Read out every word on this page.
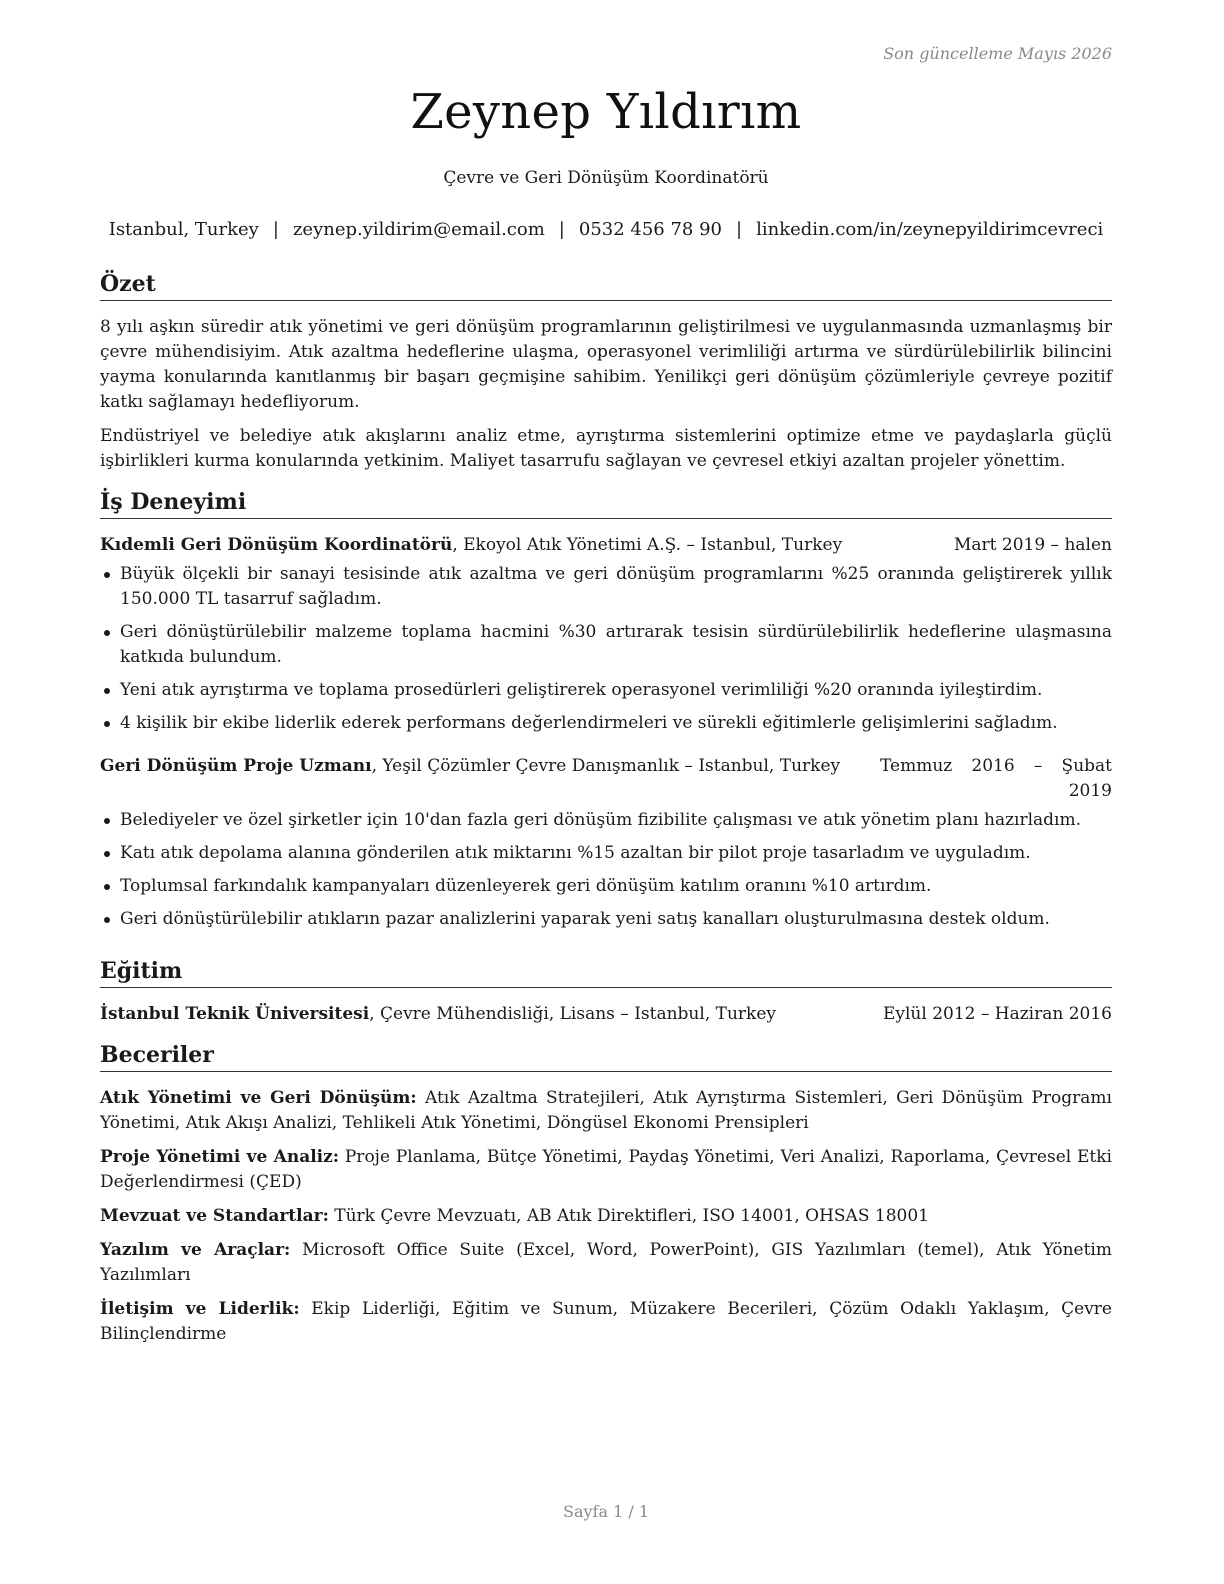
Son güncelleme Mayıs 2026
Zeynep Yıldırım
Çevre ve Geri Dönüşüm Koordinatörü
Istanbul, Turkey | zeynep.yildirim@email.com | 0532 456 78 90 | linkedin.com/in/zeynepyildirimcevreci
Özet

8 yılı aşkın süredir atık yönetimi ve geri dönüşüm programlarının geliştirilmesi ve uygulanmasında uzmanlaşmış bir çevre mühendisiyim. Atık azaltma hedeflerine ulaşma, operasyonel verimliliği artırma ve sürdürülebilirlik bilincini yayma konularında kanıtlanmış bir başarı geçmişine sahibim. Yenilikçi geri dönüşüm çözümleriyle çevreye pozitif katkı sağlamayı hedefliyorum.

Endüstriyel ve belediye atık akışlarını analiz etme, ayrıştırma sistemlerini optimize etme ve paydaşlarla güçlü işbirlikleri kurma konularında yetkinim. Maliyet tasarrufu sağlayan ve çevresel etkiyi azaltan projeler yönettim.

İş Deneyimi
Kıdemli Geri Dönüşüm Koordinatörü, Ekoyol Atık Yönetimi A.Ş. – Istanbul, Turkey	Mart 2019 – halen
Büyük ölçekli bir sanayi tesisinde atık azaltma ve geri dönüşüm programlarını %25 oranında geliştirerek yıllık 150.000 TL tasarruf sağladım.
Geri dönüştürülebilir malzeme toplama hacmini %30 artırarak tesisin sürdürülebilirlik hedeflerine ulaşmasına katkıda bulundum.
Yeni atık ayrıştırma ve toplama prosedürleri geliştirerek operasyonel verimliliği %20 oranında iyileştirdim.
4 kişilik bir ekibe liderlik ederek performans değerlendirmeleri ve sürekli eğitimlerle gelişimlerini sağladım.
Geri Dönüşüm Proje Uzmanı, Yeşil Çözümler Çevre Danışmanlık – Istanbul, Turkey Temmuz 2016 – Şubat 2019
Belediyeler ve özel şirketler için 10'dan fazla geri dönüşüm fizibilite çalışması ve atık yönetim planı hazırladım.
Katı atık depolama alanına gönderilen atık miktarını %15 azaltan bir pilot proje tasarladım ve uyguladım.
Toplumsal farkındalık kampanyaları düzenleyerek geri dönüşüm katılım oranını %10 artırdım.
Geri dönüştürülebilir atıkların pazar analizlerini yaparak yeni satış kanalları oluşturulmasına destek oldum.
Eğitim
İstanbul Teknik Üniversitesi, Çevre Mühendisliği, Lisans – Istanbul, Turkey	Eylül 2012 – Haziran 2016
Beceriler

Atık Yönetimi ve Geri Dönüşüm: Atık Azaltma Stratejileri, Atık Ayrıştırma Sistemleri, Geri Dönüşüm Programı Yönetimi, Atık Akışı Analizi, Tehlikeli Atık Yönetimi, Döngüsel Ekonomi Prensipleri

Proje Yönetimi ve Analiz: Proje Planlama, Bütçe Yönetimi, Paydaş Yönetimi, Veri Analizi, Raporlama, Çevresel Etki Değerlendirmesi (ÇED)

Mevzuat ve Standartlar: Türk Çevre Mevzuatı, AB Atık Direktifleri, ISO 14001, OHSAS 18001

Yazılım ve Araçlar: Microsoft Office Suite (Excel, Word, PowerPoint), GIS Yazılımları (temel), Atık Yönetim Yazılımları

İletişim ve Liderlik: Ekip Liderliği, Eğitim ve Sunum, Müzakere Becerileri, Çözüm Odaklı Yaklaşım, Çevre Bilinçlendirme

Sayfa 1 / 1
